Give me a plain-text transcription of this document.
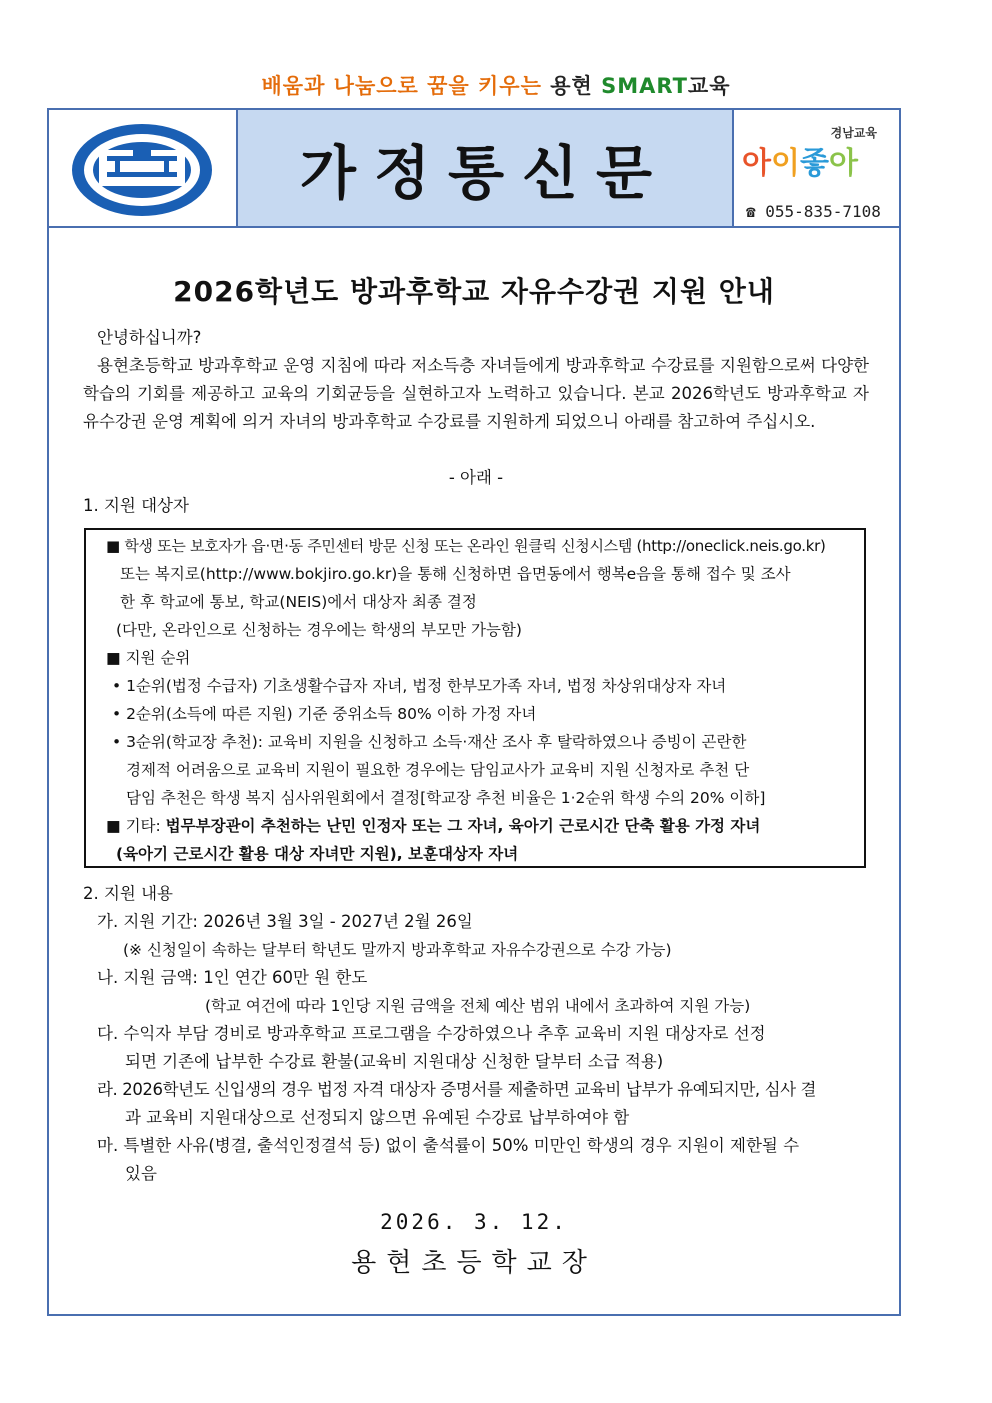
배움과 나눔으로 꿈을 키우는 용현 SMART교육
가정통신문
경남교육
아이좋아
☎ 055-835-7108
2026학년도 방과후학교 자유수강권 지원 안내
안녕하십니까?
용현초등학교 방과후학교 운영 지침에 따라 저소득층 자녀들에게 방과후학교 수강료를 지원함으로써 다양한 학습의 기회를 제공하고 교육의 기회균등을 실현하고자 노력하고 있습니다. 본교 2026학년도 방과후학교 자유수강권 운영 계획에 의거 자녀의 방과후학교 수강료를 지원하게 되었으니 아래를 참고하여 주십시오.
- 아래 -
1. 지원 대상자
■ 학생 또는 보호자가 읍·면·동 주민센터 방문 신청 또는 온라인 원클릭 신청시스템 (http://oneclick.neis.go.kr)
또는 복지로(http://www.bokjiro.go.kr)을 통해 신청하면 읍면동에서 행복e음을 통해 접수 및 조사
한 후 학교에 통보, 학교(NEIS)에서 대상자 최종 결정
(다만, 온라인으로 신청하는 경우에는 학생의 부모만 가능함)
■ 지원 순위
• 1순위(법정 수급자) 기초생활수급자 자녀, 법정 한부모가족 자녀, 법정 차상위대상자 자녀
• 2순위(소득에 따른 지원) 기준 중위소득 80% 이하 가정 자녀
• 3순위(학교장 추천): 교육비 지원을 신청하고 소득·재산 조사 후 탈락하였으나 증빙이 곤란한
경제적 어려움으로 교육비 지원이 필요한 경우에는 담임교사가 교육비 지원 신청자로 추천 단
담임 추천은 학생 복지 심사위원회에서 결정[학교장 추천 비율은 1·2순위 학생 수의 20% 이하]
■ 기타: 법무부장관이 추천하는 난민 인정자 또는 그 자녀, 육아기 근로시간 단축 활용 가정 자녀
(육아기 근로시간 활용 대상 자녀만 지원), 보훈대상자 자녀
2. 지원 내용
가. 지원 기간: 2026년 3월 3일 - 2027년 2월 26일
(※ 신청일이 속하는 달부터 학년도 말까지 방과후학교 자유수강권으로 수강 가능)
나. 지원 금액: 1인 연간 60만 원 한도
(학교 여건에 따라 1인당 지원 금액을 전체 예산 범위 내에서 초과하여 지원 가능)
다. 수익자 부담 경비로 방과후학교 프로그램을 수강하였으나 추후 교육비 지원 대상자로 선정
되면 기존에 납부한 수강료 환불(교육비 지원대상 신청한 달부터 소급 적용)
라. 2026학년도 신입생의 경우 법정 자격 대상자 증명서를 제출하면 교육비 납부가 유예되지만, 심사 결
과 교육비 지원대상으로 선정되지 않으면 유예된 수강료 납부하여야 함
마. 특별한 사유(병결, 출석인정결석 등) 없이 출석률이 50% 미만인 학생의 경우 지원이 제한될 수
있음
2026. 3. 12.
용현초등학교장
